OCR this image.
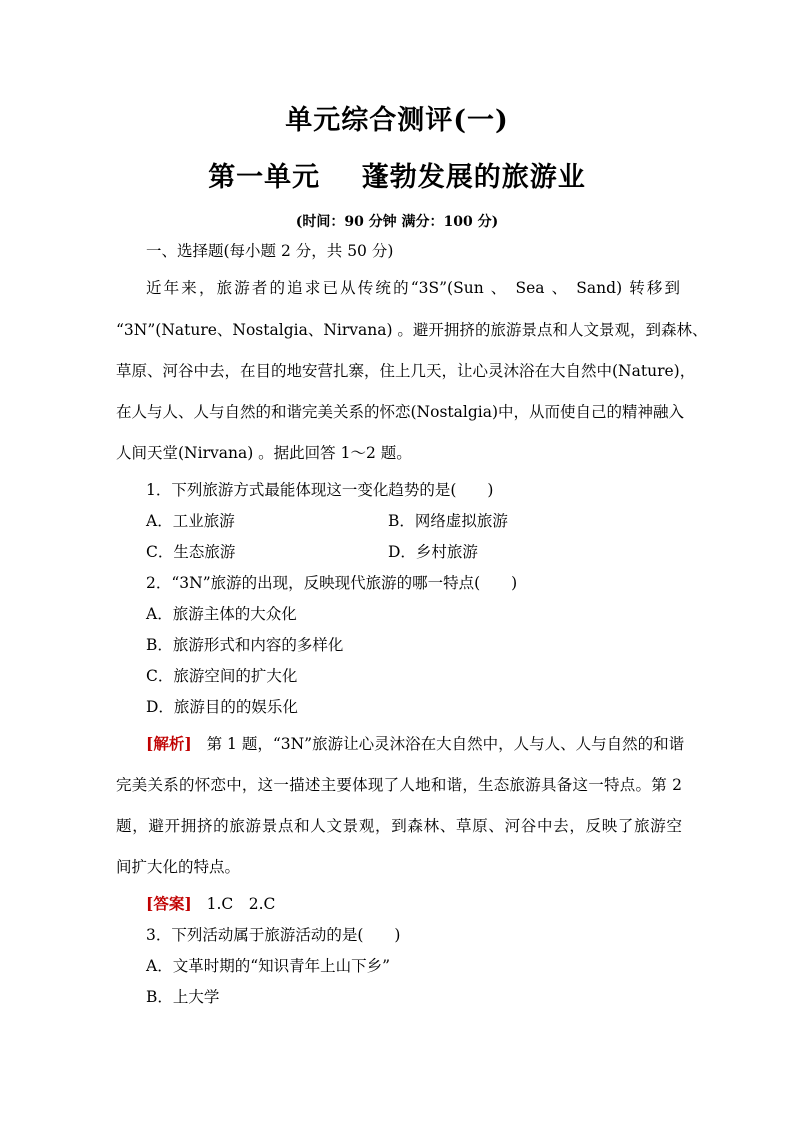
单元综合测评(一)
第一单元    蓬勃发展的旅游业
(时间：90 分钟 满分：100 分)
一、选择题(每小题 2 分，共 50 分)
近年来，旅游者的追求已从传统的“3S”(Sun 、 Sea 、 Sand) 转移到
“3N”(Nature、Nostalgia、Nirvana) 。避开拥挤的旅游景点和人文景观，到森林、
草原、河谷中去，在目的地安营扎寨，住上几天，让心灵沐浴在大自然中(Nature)，
在人与人、人与自然的和谐完美关系的怀恋(Nostalgia)中，从而使自己的精神融入
人间天堂(Nirvana) 。据此回答 1～2 题。
1．下列旅游方式最能体现这一变化趋势的是(　　)
A．工业旅游	B．网络虚拟旅游
C．生态旅游	D．乡村旅游
2．“3N”旅游的出现，反映现代旅游的哪一特点(　　)
A．旅游主体的大众化
B．旅游形式和内容的多样化
C．旅游空间的扩大化
D．旅游目的的娱乐化
[解析] 第 1 题，“3N”旅游让心灵沐浴在大自然中，人与人、人与自然的和谐
完美关系的怀恋中，这一描述主要体现了人地和谐，生态旅游具备这一特点。第 2
题，避开拥挤的旅游景点和人文景观，到森林、草原、河谷中去，反映了旅游空
间扩大化的特点。
[答案] 1.C　2.C
3．下列活动属于旅游活动的是(　　)
A．文革时期的“知识青年上山下乡”
B．上大学
